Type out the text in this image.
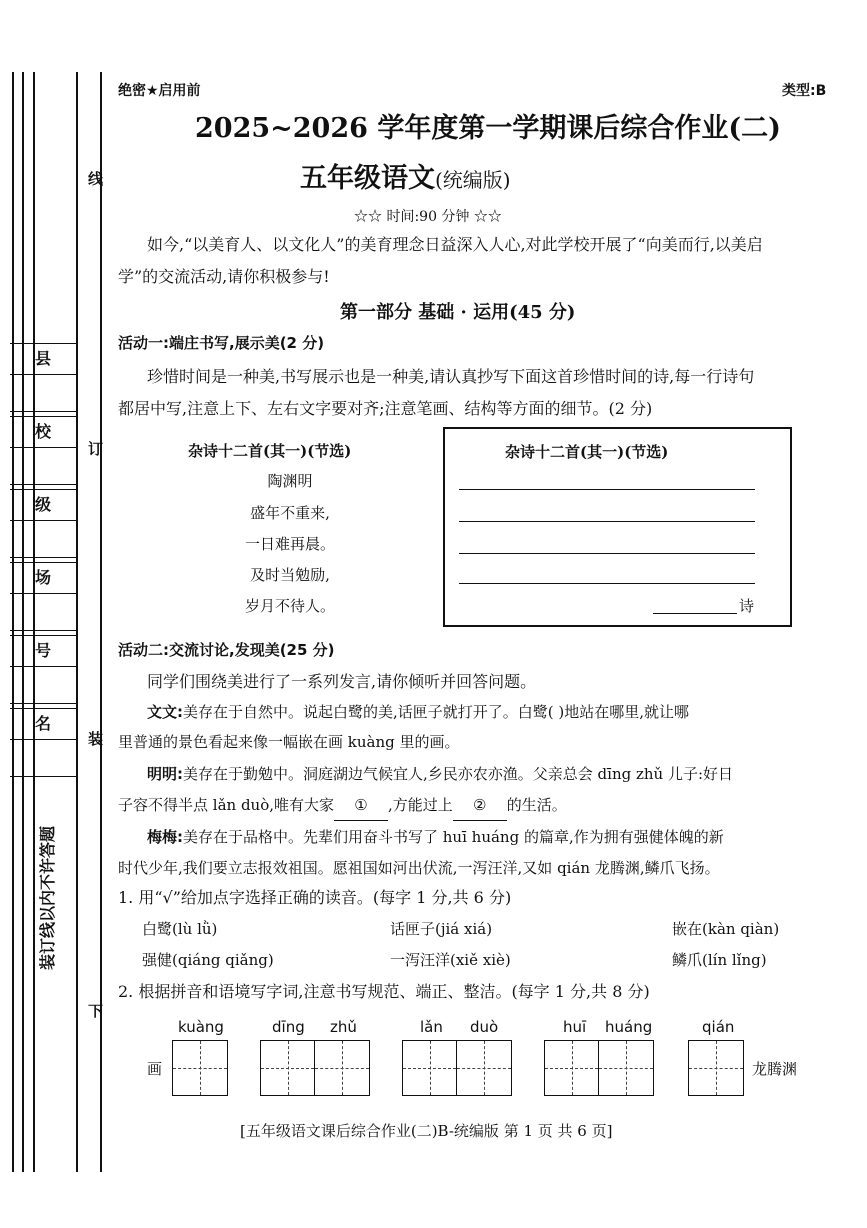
线
订
装
下
县
校
级
场
号
名
装订线以内不许答题
绝密★启用前	类型:B
2025~2026 学年度第一学期课后综合作业(二)
五年级语文(统编版)
☆☆ 时间:90 分钟 ☆☆
如今,“以美育人、以文化人”的美育理念日益深入人心,对此学校开展了“向美而行,以美启
学”的交流活动,请你积极参与!
第一部分 基础 · 运用(45 分)
活动一:端庄书写,展示美(2 分)
珍惜时间是一种美,书写展示也是一种美,请认真抄写下面这首珍惜时间的诗,每一行诗句
都居中写,注意上下、左右文字要对齐;注意笔画、结构等方面的细节。(2 分)
杂诗十二首(其一)(节选)
陶渊明
盛年不重来,
一日难再晨。
及时当勉励,
岁月不待人。
杂诗十二首(其一)(节选)
诗
活动二:交流讨论,发现美(25 分)
同学们围绕美进行了一系列发言,请你倾听并回答问题。
文文:美存在于自然中。说起白鹭的美,话匣子就打开了。白鹭( )地站在哪里,就让哪
里普通的景色看起来像一幅嵌在画 kuàng 里的画。
明明:美存在于勤勉中。洞庭湖边气候宜人,乡民亦农亦渔。父亲总会 dīng zhǔ 儿子:好日
子容不得半点 lǎn duò,唯有大家 ① ,方能过上 ② 的生活。
梅梅:美存在于品格中。先辈们用奋斗书写了 huī huáng 的篇章,作为拥有强健体魄的新
时代少年,我们要立志报效祖国。愿祖国如河出伏流,一泻汪洋,又如 qián 龙腾渊,鳞爪飞扬。
1. 用“√”给加点字选择正确的读音。(每字 1 分,共 6 分)
白鹭(lù lǜ)	话匣子(jiá xiá)	嵌在(kàn qiàn)
强健(qiáng qiǎng)	一泻汪洋(xiě xiè)	鳞爪(lín lǐng)
2. 根据拼音和语境写字词,注意书写规范、端正、整洁。(每字 1 分,共 8 分)
kuàng	dīng zhǔ	lǎn duò	huī huáng	qián
画	龙腾渊
[五年级语文课后综合作业(二)B-统编版 第 1 页 共 6 页]
